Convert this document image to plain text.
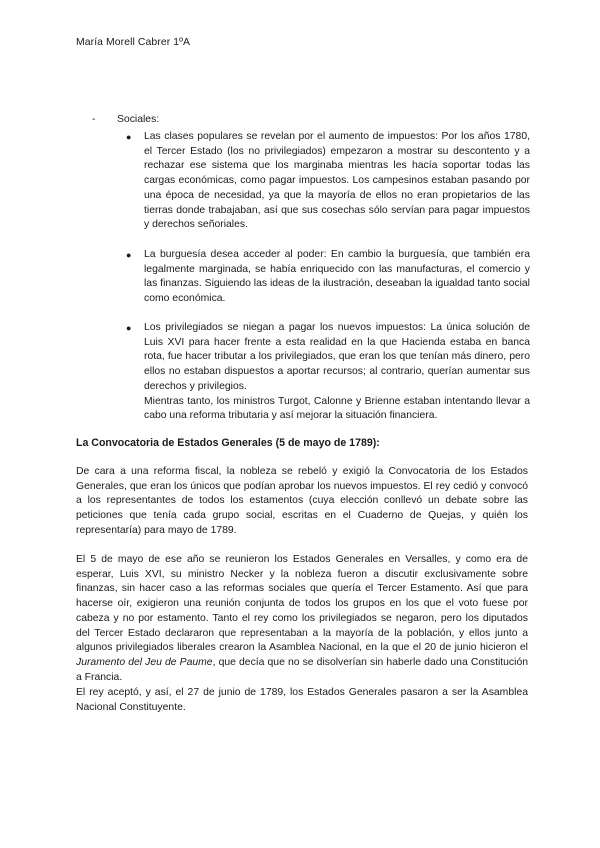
María Morell Cabrer 1ºA
- Sociales:
● Las clases populares se revelan por el aumento de impuestos: Por los años 1780, el Tercer Estado (los no privilegiados) empezaron a mostrar su descontento y a rechazar ese sistema que los marginaba mientras les hacía soportar todas las cargas económicas, como pagar impuestos. Los campesinos estaban pasando por una época de necesidad, ya que la mayoría de ellos no eran propietarios de las tierras donde trabajaban, así que sus cosechas sólo servían para pagar impuestos y derechos señoriales.

● La burguesía desea acceder al poder: En cambio la burguesía, que también era legalmente marginada, se había enriquecido con las manufacturas, el comercio y las finanzas. Siguiendo las ideas de la ilustración, deseaban la igualdad tanto social como económica.

● Los privilegiados se niegan a pagar los nuevos impuestos: La única solución de Luis XVI para hacer frente a esta realidad en la que Hacienda estaba en banca rota, fue hacer tributar a los privilegiados, que eran los que tenían más dinero, pero ellos no estaban dispuestos a aportar recursos; al contrario, querían aumentar sus derechos y privilegios.

Mientras tanto, los ministros Turgot, Calonne y Brienne estaban intentando llevar a cabo una reforma tributaria y así mejorar la situación financiera.

La Convocatoria de Estados Generales (5 de mayo de 1789):

De cara a una reforma fiscal, la nobleza se rebeló y exigió la Convocatoria de los Estados Generales, que eran los únicos que podían aprobar los nuevos impuestos. El rey cedió y convocó a los representantes de todos los estamentos (cuya elección conllevó un debate sobre las peticiones que tenía cada grupo social, escritas en el Cuaderno de Quejas, y quién los representaría) para mayo de 1789.

El 5 de mayo de ese año se reunieron los Estados Generales en Versalles, y como era de esperar, Luis XVI, su ministro Necker y la nobleza fueron a discutir exclusivamente sobre finanzas, sin hacer caso a las reformas sociales que quería el Tercer Estamento. Así que para hacerse oír, exigieron una reunión conjunta de todos los grupos en los que el voto fuese por cabeza y no por estamento. Tanto el rey como los privilegiados se negaron, pero los diputados del Tercer Estado declararon que representaban a la mayoría de la población, y ellos junto a algunos privilegiados liberales crearon la Asamblea Nacional, en la que el 20 de junio hicieron el Juramento del Jeu de Paume, que decía que no se disolverían sin haberle dado una Constitución a Francia.

El rey aceptó, y así, el 27 de junio de 1789, los Estados Generales pasaron a ser la Asamblea Nacional Constituyente.
